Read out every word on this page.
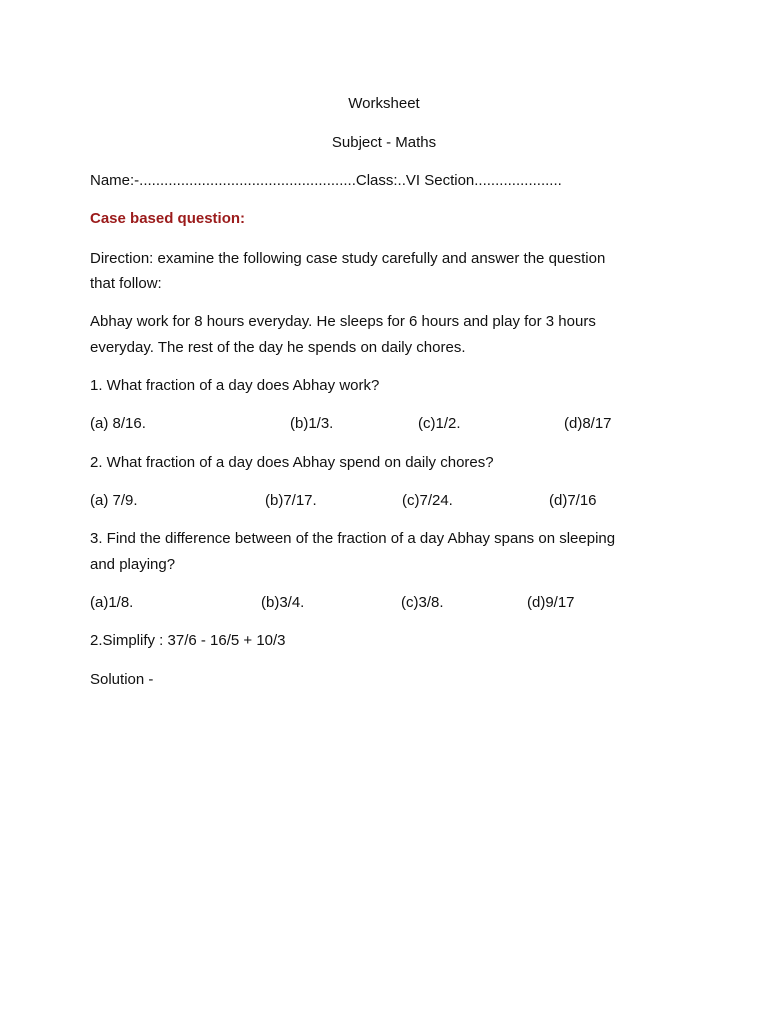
Worksheet
Subject - Maths
Name:-....................................................Class:..VI Section.....................
Case based question:
Direction: examine the following case study carefully and answer the question
that follow:
Abhay work for 8 hours everyday. He sleeps for 6 hours and play for 3 hours
everyday. The rest of the day he spends on daily chores.
1. What fraction of a day does Abhay work?
(a) 8/16.	(b)1/3.	(c)1/2.	(d)8/17
2. What fraction of a day does Abhay spend on daily chores?
(a) 7/9.	(b)7/17.	(c)7/24.	(d)7/16
3. Find the difference between of the fraction of a day Abhay spans on sleeping
and playing?
(a)1/8.	(b)3/4.	(c)3/8.	(d)9/17
2.Simplify : 37/6 - 16/5 + 10/3
Solution -
